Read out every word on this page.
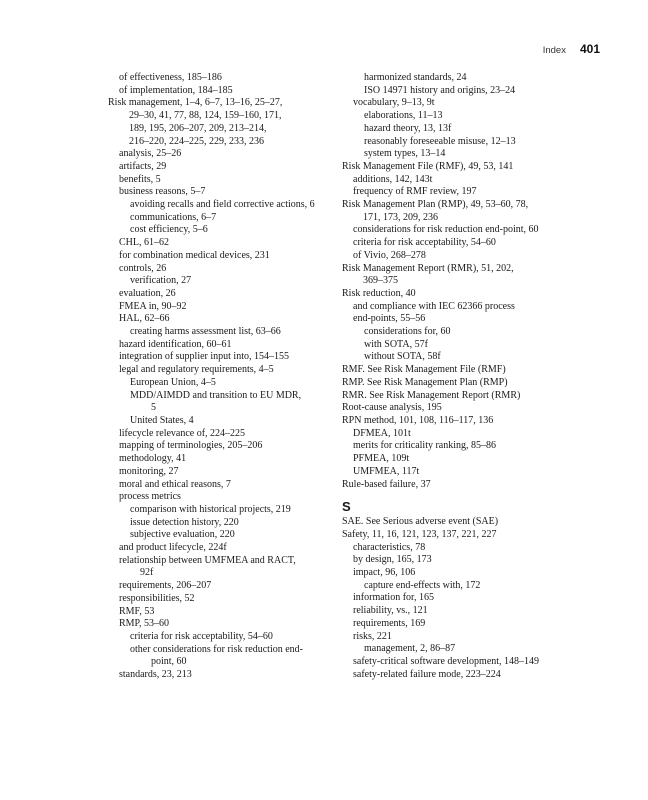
Index 401
of effectiveness, 185–186
of implementation, 184–185
Risk management, 1–4, 6–7, 13–16, 25–27,
29–30, 41, 77, 88, 124, 159–160, 171,
189, 195, 206–207, 209, 213–214,
216–220, 224–225, 229, 233, 236
analysis, 25–26
artifacts, 29
benefits, 5
business reasons, 5–7
avoiding recalls and field corrective actions, 6
communications, 6–7
cost efficiency, 5–6
CHL, 61–62
for combination medical devices, 231
controls, 26
verification, 27
evaluation, 26
FMEA in, 90–92
HAL, 62–66
creating harms assessment list, 63–66
hazard identification, 60–61
integration of supplier input into, 154–155
legal and regulatory requirements, 4–5
European Union, 4–5
MDD/AIMDD and transition to EU MDR,
5
United States, 4
lifecycle relevance of, 224–225
mapping of terminologies, 205–206
methodology, 41
monitoring, 27
moral and ethical reasons, 7
process metrics
comparison with historical projects, 219
issue detection history, 220
subjective evaluation, 220
and product lifecycle, 224f
relationship between UMFMEA and RACT,
92f
requirements, 206–207
responsibilities, 52
RMF, 53
RMP, 53–60
criteria for risk acceptability, 54–60
other considerations for risk reduction end-
point, 60
standards, 23, 213
harmonized standards, 24
ISO 14971 history and origins, 23–24
vocabulary, 9–13, 9t
elaborations, 11–13
hazard theory, 13, 13f
reasonably foreseeable misuse, 12–13
system types, 13–14
Risk Management File (RMF), 49, 53, 141
additions, 142, 143t
frequency of RMF review, 197
Risk Management Plan (RMP), 49, 53–60, 78,
171, 173, 209, 236
considerations for risk reduction end-point, 60
criteria for risk acceptability, 54–60
of Vivio, 268–278
Risk Management Report (RMR), 51, 202,
369–375
Risk reduction, 40
and compliance with IEC 62366 process
end-points, 55–56
considerations for, 60
with SOTA, 57f
without SOTA, 58f
RMF. See Risk Management File (RMF)
RMP. See Risk Management Plan (RMP)
RMR. See Risk Management Report (RMR)
Root-cause analysis, 195
RPN method, 101, 108, 116–117, 136
DFMEA, 101t
merits for criticality ranking, 85–86
PFMEA, 109t
UMFMEA, 117t
Rule-based failure, 37
S
SAE. See Serious adverse event (SAE)
Safety, 11, 16, 121, 123, 137, 221, 227
characteristics, 78
by design, 165, 173
impact, 96, 106
capture end-effects with, 172
information for, 165
reliability, vs., 121
requirements, 169
risks, 221
management, 2, 86–87
safety-critical software development, 148–149
safety-related failure mode, 223–224
